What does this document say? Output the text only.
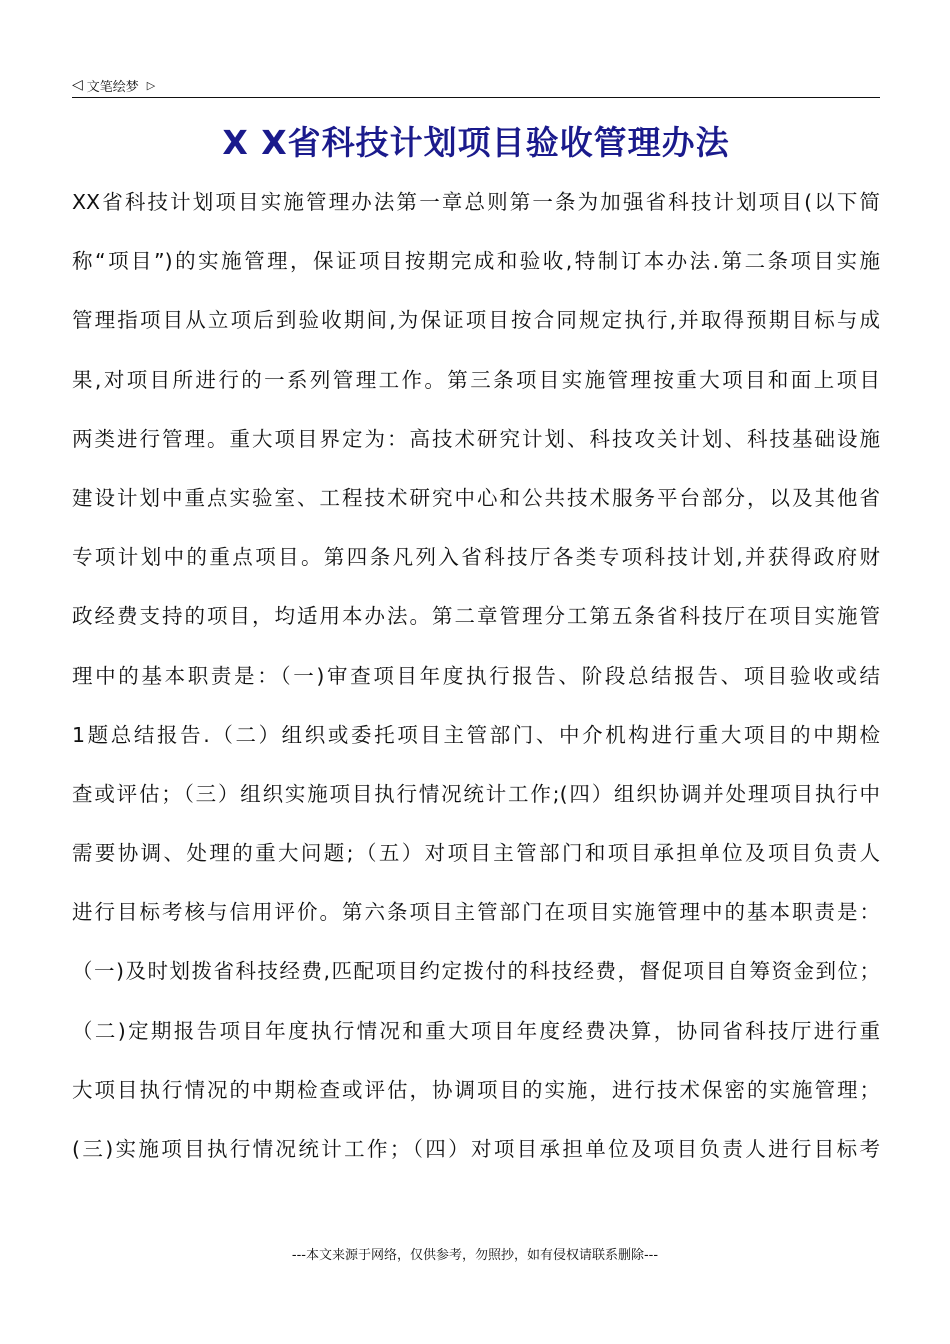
◁ 文笔绘梦 ▷
X X省科技计划项目验收管理办法
XX省科技计划项目实施管理办法第一章总则第一条为加强省科技计划项目(以下简
称“项目”)的实施管理，保证项目按期完成和验收,特制订本办法.第二条项目实施
管理指项目从立项后到验收期间,为保证项目按合同规定执行,并取得预期目标与成
果,对项目所进行的一系列管理工作。第三条项目实施管理按重大项目和面上项目
两类进行管理。重大项目界定为：高技术研究计划、科技攻关计划、科技基础设施
建设计划中重点实验室、工程技术研究中心和公共技术服务平台部分，以及其他省
专项计划中的重点项目。第四条凡列入省科技厅各类专项科技计划,并获得政府财
政经费支持的项目，均适用本办法。第二章管理分工第五条省科技厅在项目实施管
理中的基本职责是：（一)审查项目年度执行报告、阶段总结报告、项目验收或结
1题总结报告.（二）组织或委托项目主管部门、中介机构进行重大项目的中期检
查或评估；（三）组织实施项目执行情况统计工作;(四）组织协调并处理项目执行中
需要协调、处理的重大问题;（五）对项目主管部门和项目承担单位及项目负责人
进行目标考核与信用评价。第六条项目主管部门在项目实施管理中的基本职责是：
（一)及时划拨省科技经费,匹配项目约定拨付的科技经费，督促项目自筹资金到位；
（二)定期报告项目年度执行情况和重大项目年度经费决算，协同省科技厅进行重
大项目执行情况的中期检查或评估，协调项目的实施，进行技术保密的实施管理；
(三)实施项目执行情况统计工作；（四）对项目承担单位及项目负责人进行目标考
---本文来源于网络，仅供参考，勿照抄，如有侵权请联系删除---
